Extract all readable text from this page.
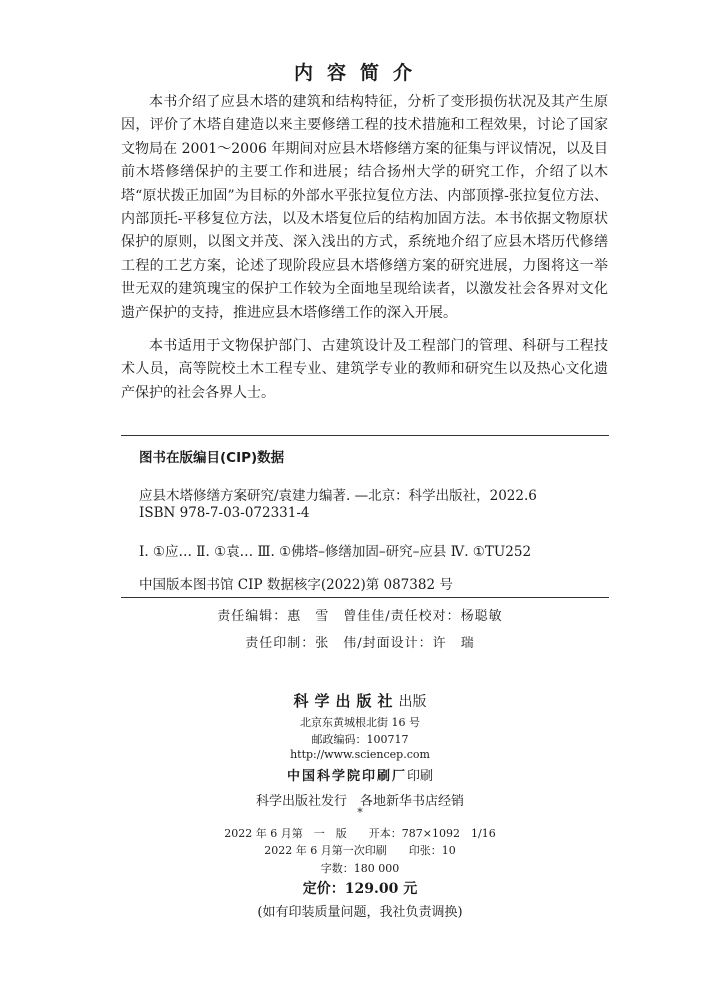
内容简介
本书介绍了应县木塔的建筑和结构特征，分析了变形损伤状况及其产生原因，评价了木塔自建造以来主要修缮工程的技术措施和工程效果，讨论了国家文物局在 2001～2006 年期间对应县木塔修缮方案的征集与评议情况，以及目前木塔修缮保护的主要工作和进展；结合扬州大学的研究工作，介绍了以木塔“原状拨正加固”为目标的外部水平张拉复位方法、内部顶撑-张拉复位方法、内部顶托-平移复位方法，以及木塔复位后的结构加固方法。本书依据文物原状保护的原则，以图文并茂、深入浅出的方式，系统地介绍了应县木塔历代修缮工程的工艺方案，论述了现阶段应县木塔修缮方案的研究进展，力图将这一举世无双的建筑瑰宝的保护工作较为全面地呈现给读者，以激发社会各界对文化遗产保护的支持，推进应县木塔修缮工作的深入开展。
本书适用于文物保护部门、古建筑设计及工程部门的管理、科研与工程技术人员，高等院校土木工程专业、建筑学专业的教师和研究生以及热心文化遗产保护的社会各界人士。
图书在版编目(CIP)数据
应县木塔修缮方案研究/袁建力编著. —北京：科学出版社，2022.6
ISBN 978-7-03-072331-4
Ⅰ. ①应… Ⅱ. ①袁… Ⅲ. ①佛塔–修缮加固–研究–应县 Ⅳ. ①TU252
中国版本图书馆 CIP 数据核字(2022)第 087382 号
责任编辑：惠　雪　曾佳佳/责任校对：杨聪敏
责任印制：张　伟/封面设计：许　瑞
科学出版社出版
北京东黄城根北街 16 号
邮政编码：100717
http://www.sciencep.com
中国科学院印刷厂印刷
科学出版社发行　各地新华书店经销
*
2022 年 6 月第　一　版　　开本：787×1092　1/16
2022 年 6 月第一次印刷　　印张：10
字数：180 000
定价：129.00 元
(如有印装质量问题，我社负责调换)
